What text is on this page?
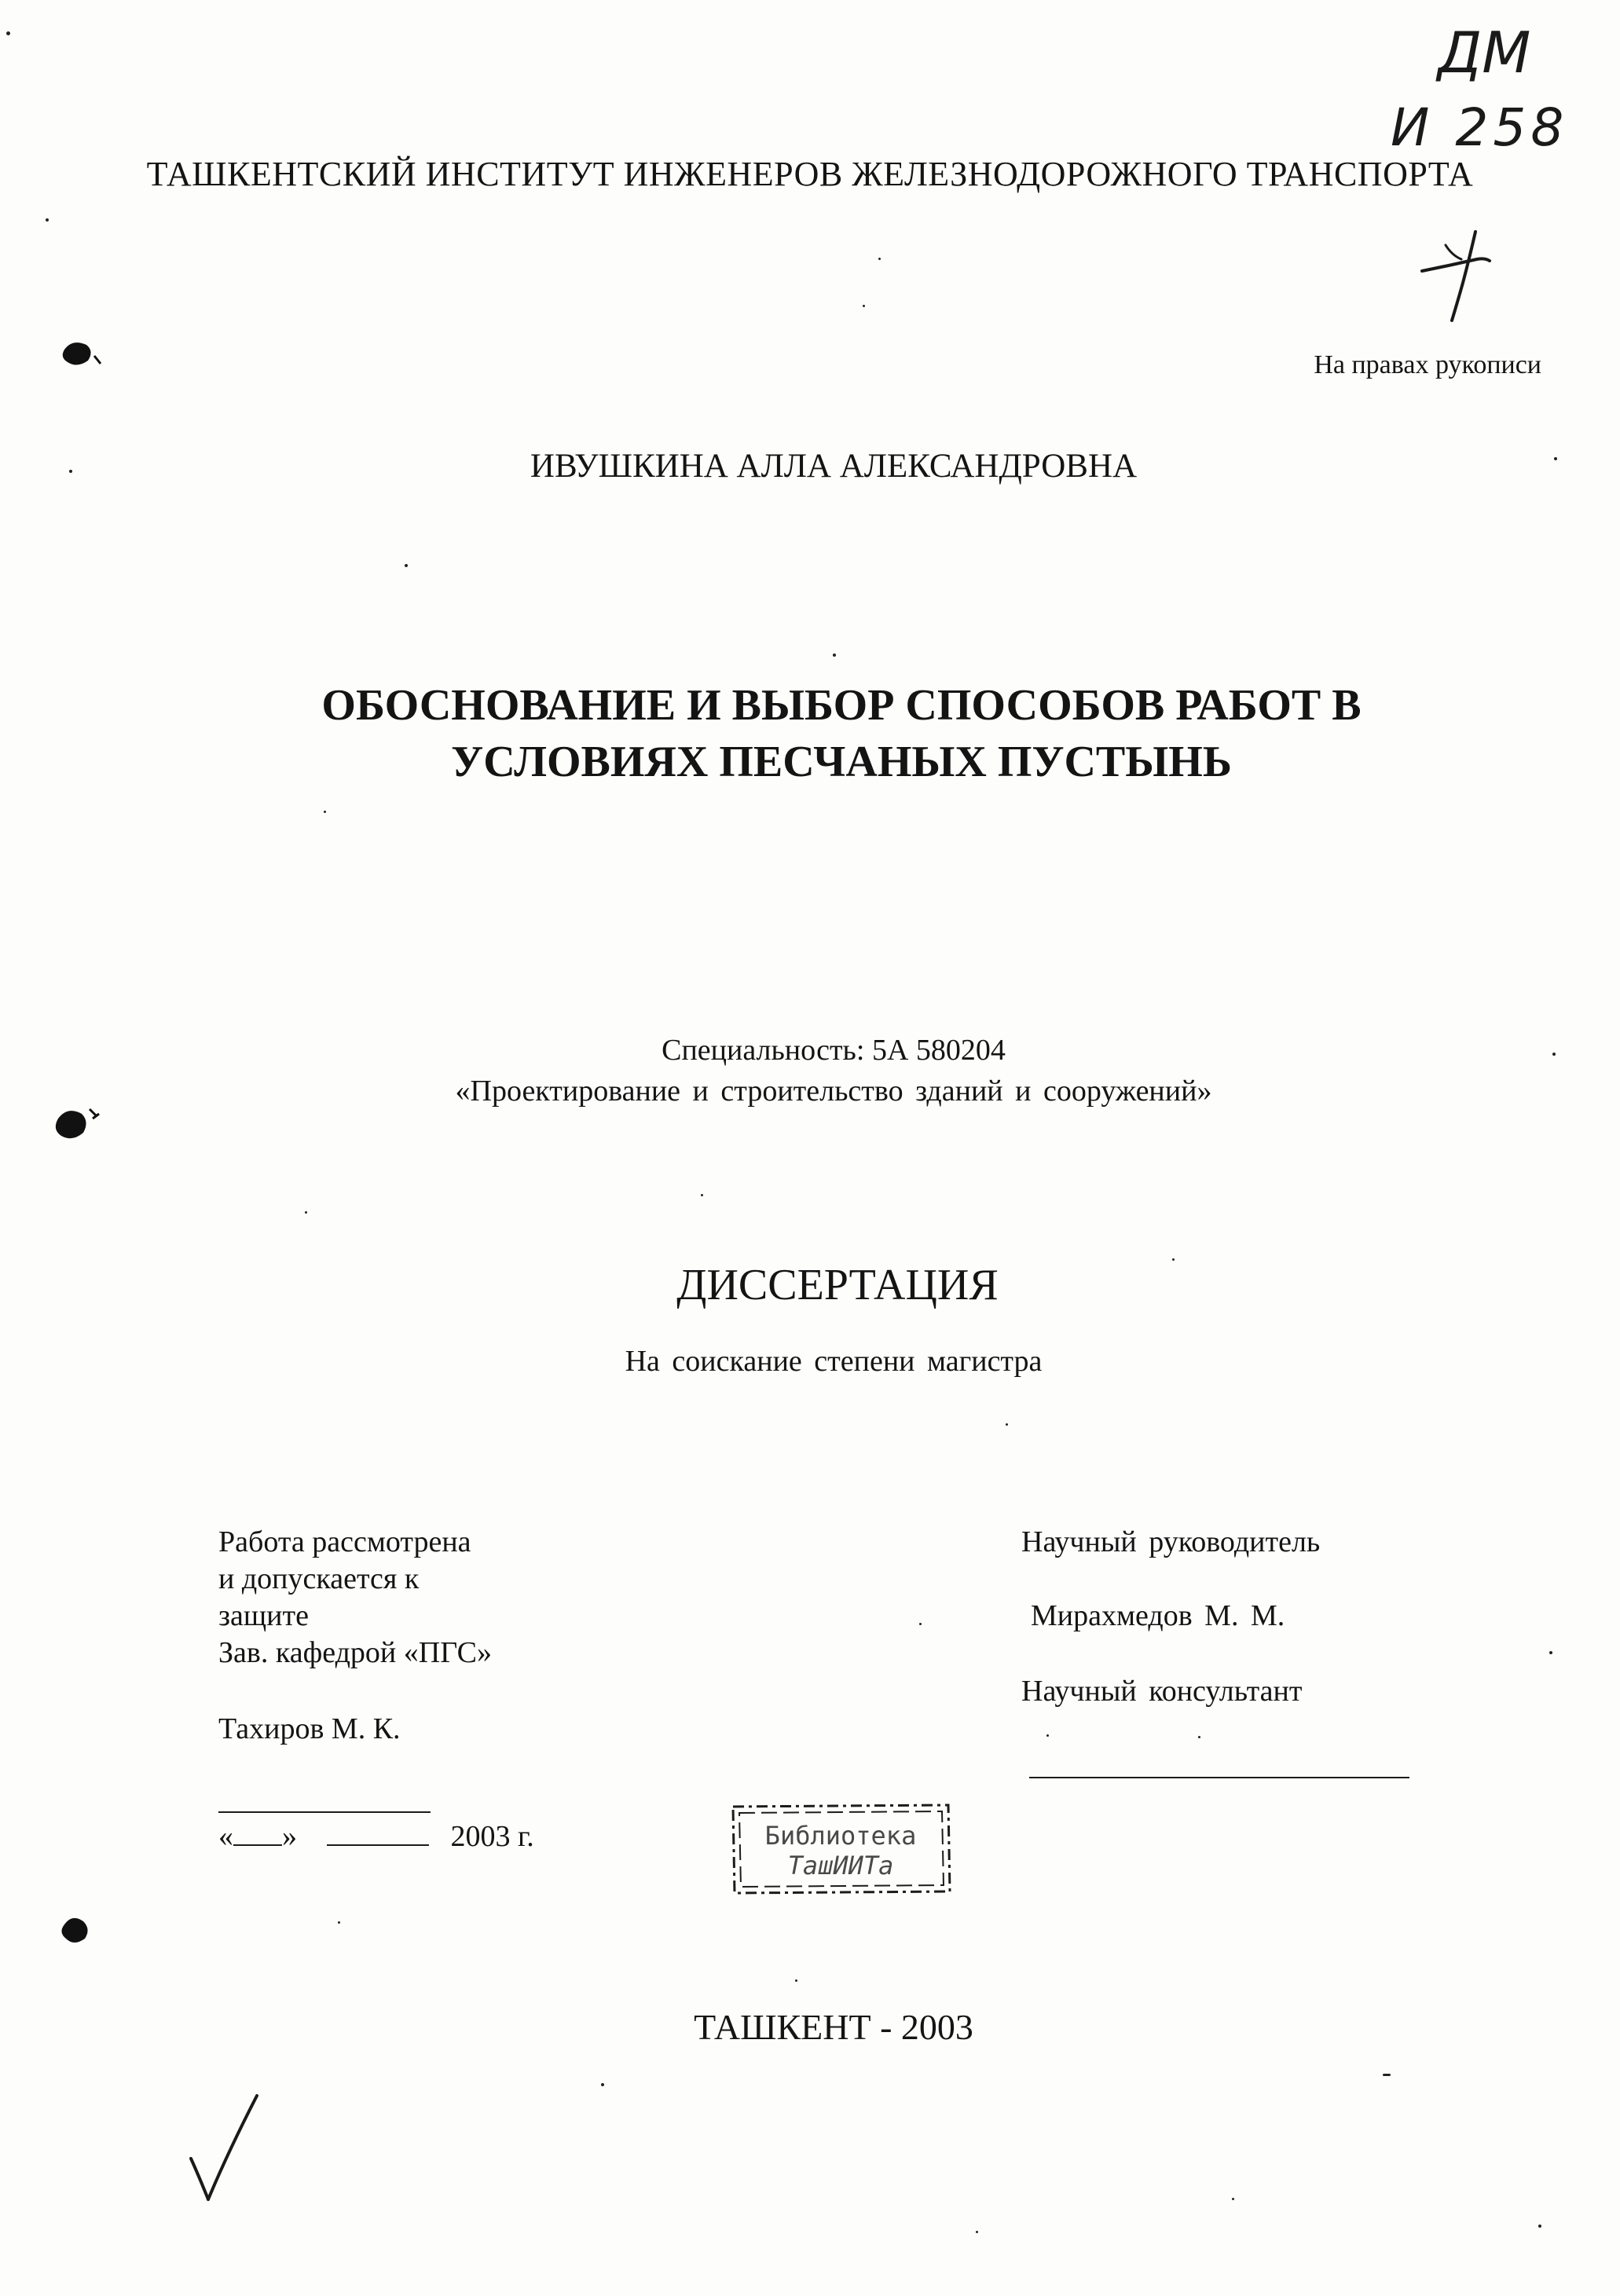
ДМ
И 258
ТАШКЕНТСКИЙ ИНСТИТУТ ИНЖЕНЕРОВ ЖЕЛЕЗНОДОРОЖНОГО ТРАНСПОРТА
На правах рукописи
ИВУШКИНА АЛЛА АЛЕКСАНДРОВНА
ОБОСНОВАНИЕ И ВЫБОР СПОСОБОВ РАБОТ В
УСЛОВИЯХ ПЕСЧАНЫХ ПУСТЫНЬ
Специальность: 5А 580204
«Проектирование и строительство зданий и сооружений»
ДИССЕРТАЦИЯ
На соискание степени магистра
Работа рассмотрена
и допускается к
защите
Зав. кафедрой «ПГС»
Тахиров М. К.
« »	2003 г.
Научный руководитель
Мирахмедов М. М.
Научный консультант
Библиотека
ТашИИТа
ТАШКЕНТ - 2003
